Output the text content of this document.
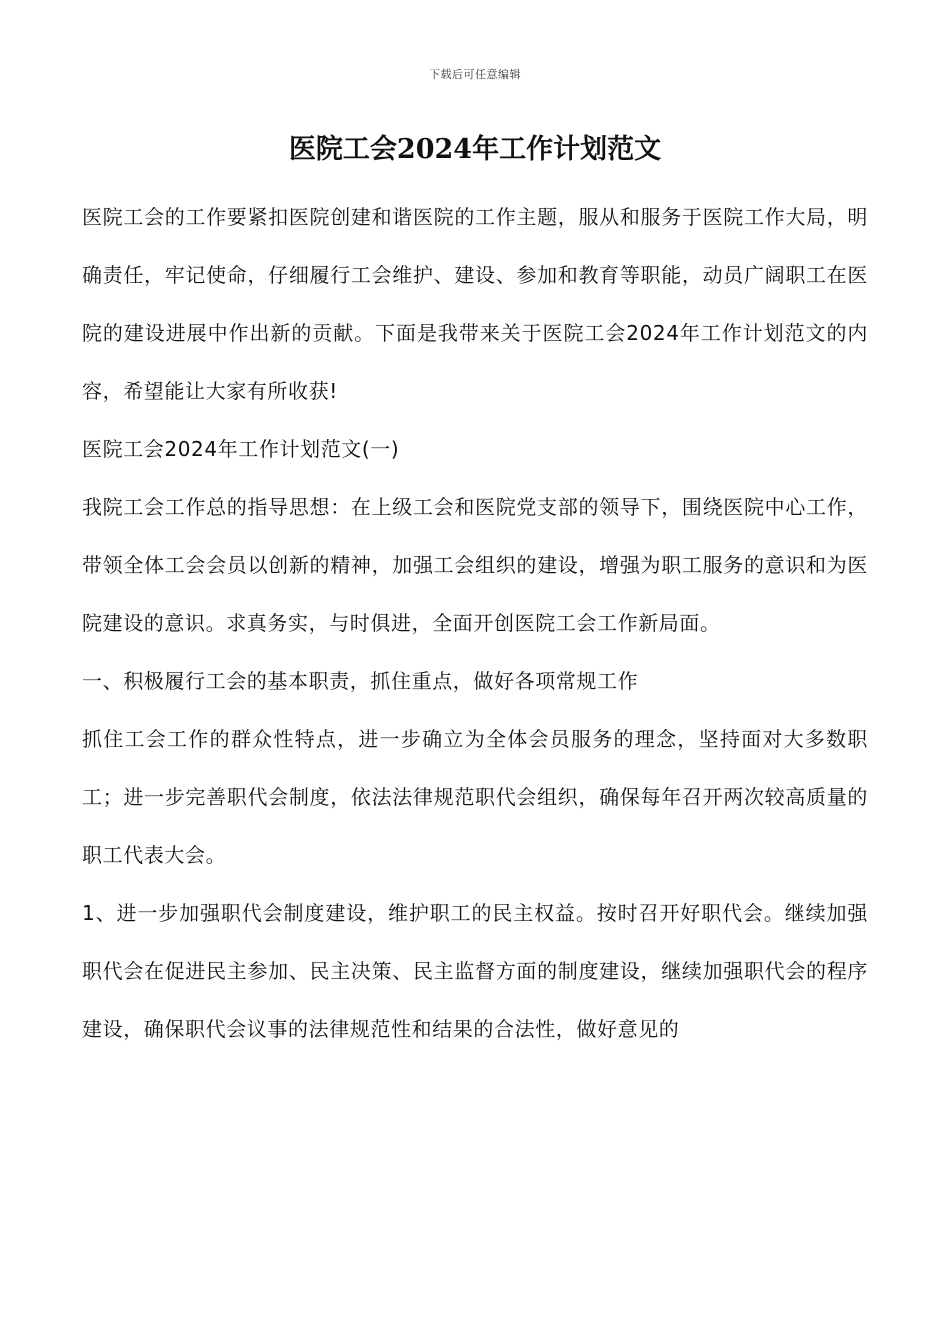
下载后可任意编辑
医院工会2024年工作计划范文

医院工会的工作要紧扣医院创建和谐医院的工作主题，服从和服务于医院工作大局，明确责任，牢记使命，仔细履行工会维护、建设、参加和教育等职能，动员广阔职工在医院的建设进展中作出新的贡献。下面是我带来关于医院工会2024年工作计划范文的内容，希望能让大家有所收获!

医院工会2024年工作计划范文(一)

我院工会工作总的指导思想：在上级工会和医院党支部的领导下，围绕医院中心工作，带领全体工会会员以创新的精神，加强工会组织的建设，增强为职工服务的意识和为医院建设的意识。求真务实，与时俱进，全面开创医院工会工作新局面。

一、积极履行工会的基本职责，抓住重点，做好各项常规工作

抓住工会工作的群众性特点，进一步确立为全体会员服务的理念，坚持面对大多数职工；进一步完善职代会制度，依法法律规范职代会组织，确保每年召开两次较高质量的职工代表大会。

1、进一步加强职代会制度建设，维护职工的民主权益。按时召开好职代会。继续加强职代会在促进民主参加、民主决策、民主监督方面的制度建设，继续加强职代会的程序建设，确保职代会议事的法律规范性和结果的合法性，做好意见的
